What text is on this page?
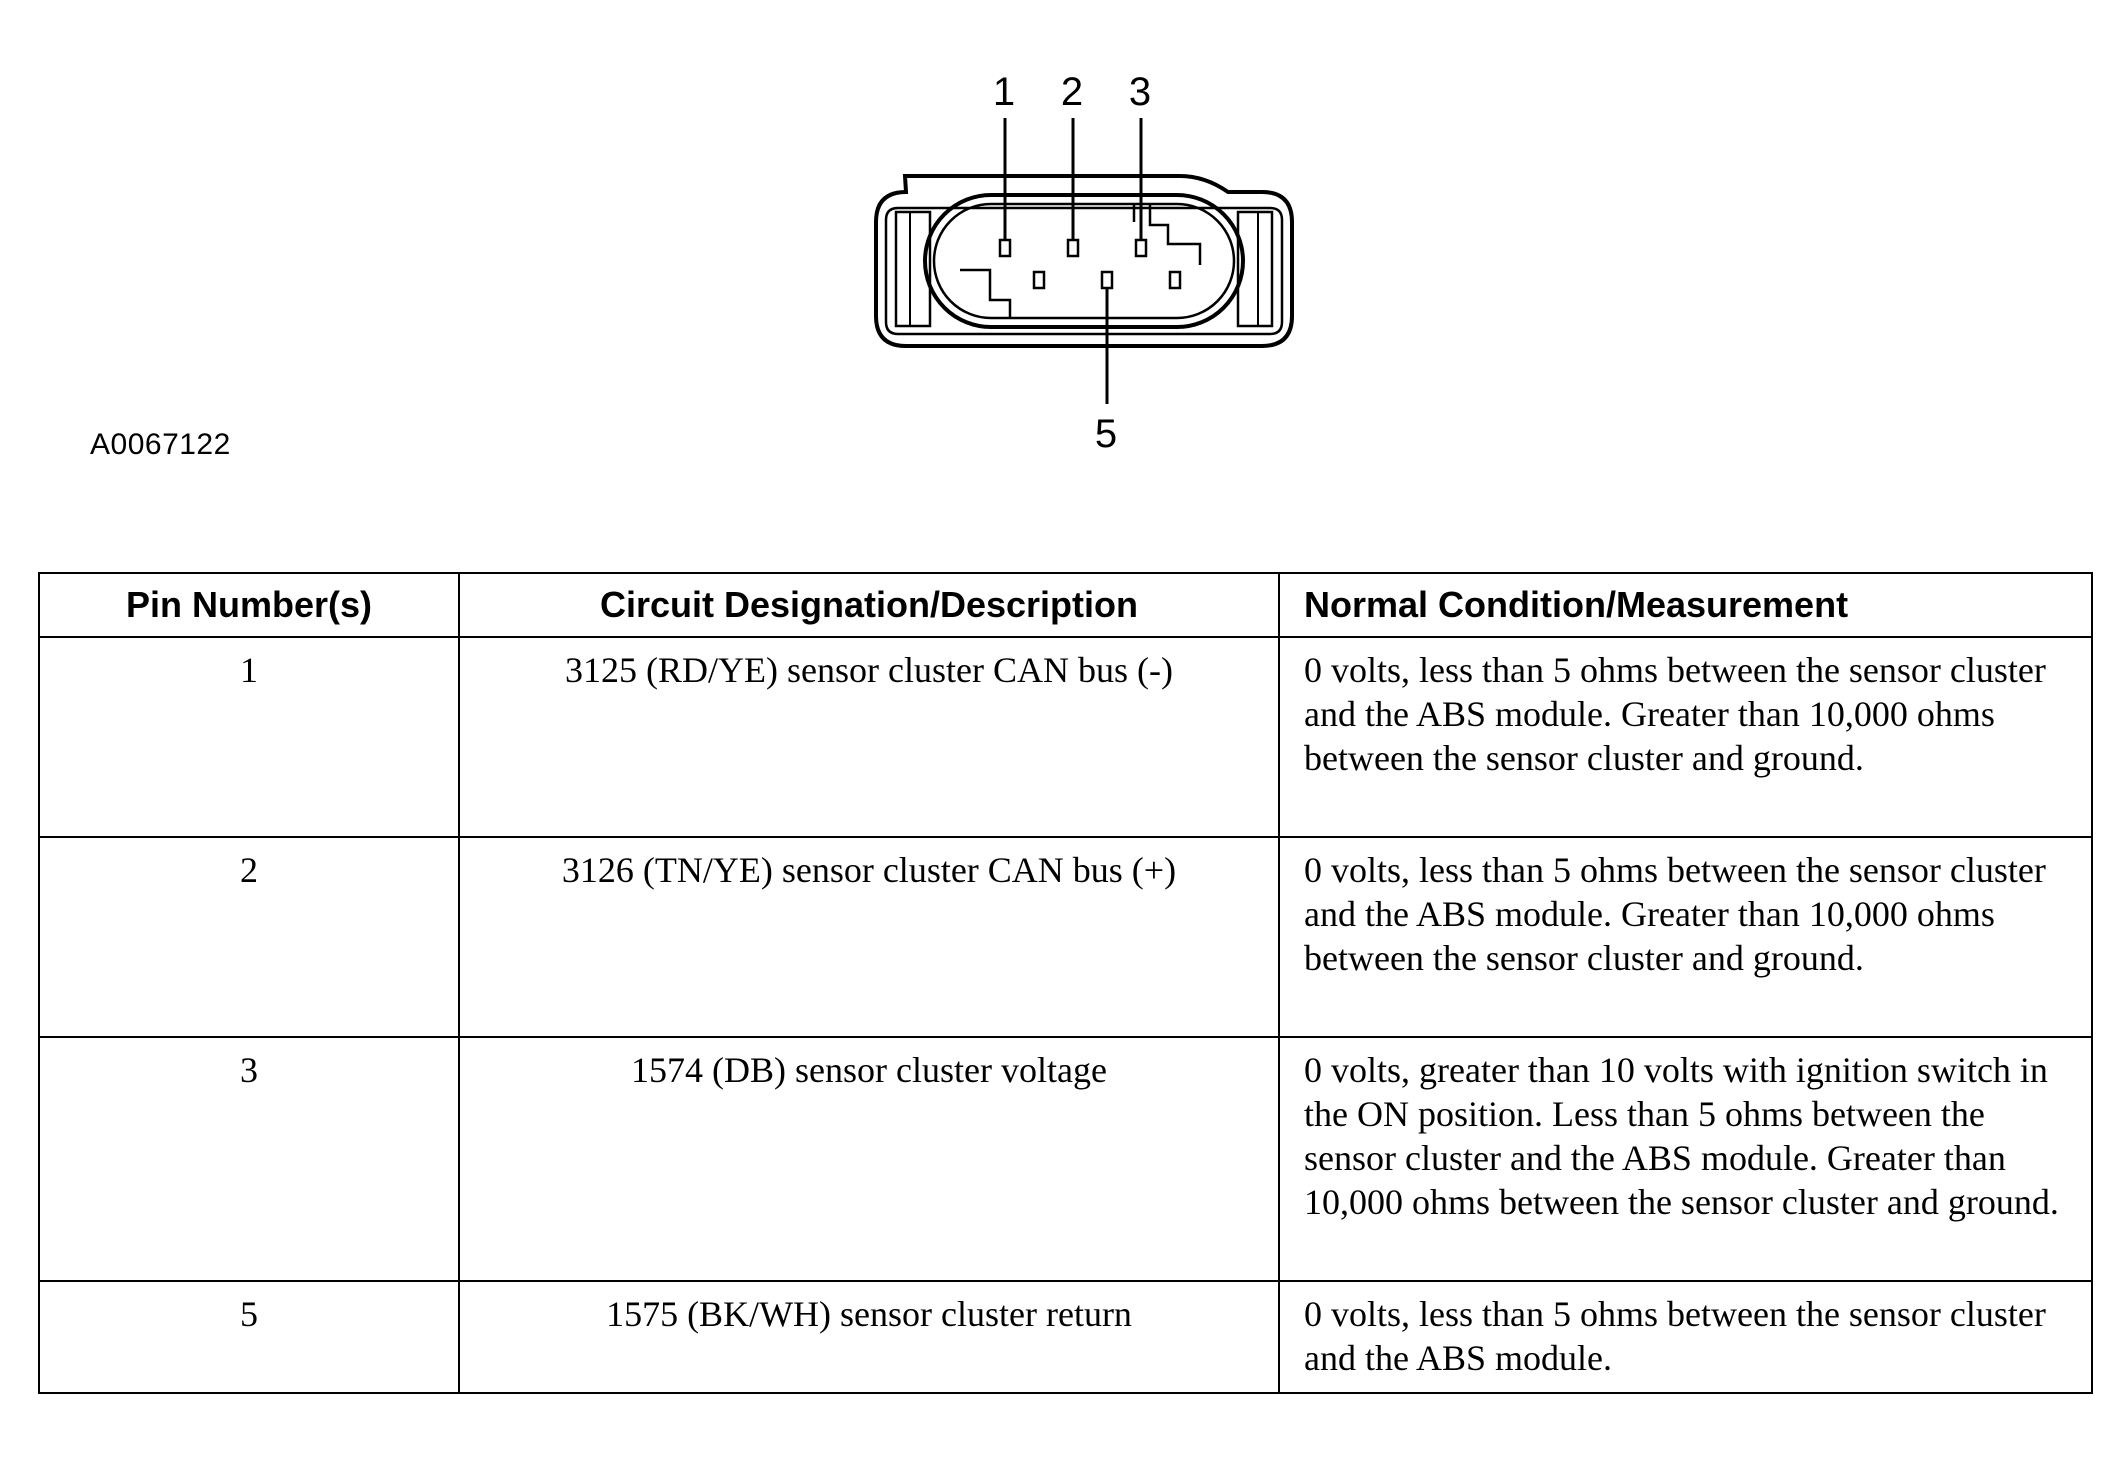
1 2 3
5
A0067122
Pin Number(s)	Circuit Designation/Description	Normal Condition/Measurement
1	3125 (RD/YE) sensor cluster CAN bus (-)	0 volts, less than 5 ohms between the sensor cluster and the ABS module. Greater than 10,000 ohms between the sensor cluster and ground.
2	3126 (TN/YE) sensor cluster CAN bus (+)	0 volts, less than 5 ohms between the sensor cluster and the ABS module. Greater than 10,000 ohms between the sensor cluster and ground.
3	1574 (DB) sensor cluster voltage	0 volts, greater than 10 volts with ignition switch in the ON position. Less than 5 ohms between the sensor cluster and the ABS module. Greater than 10,000 ohms between the sensor cluster and ground.
5	1575 (BK/WH) sensor cluster return	0 volts, less than 5 ohms between the sensor cluster and the ABS module.
